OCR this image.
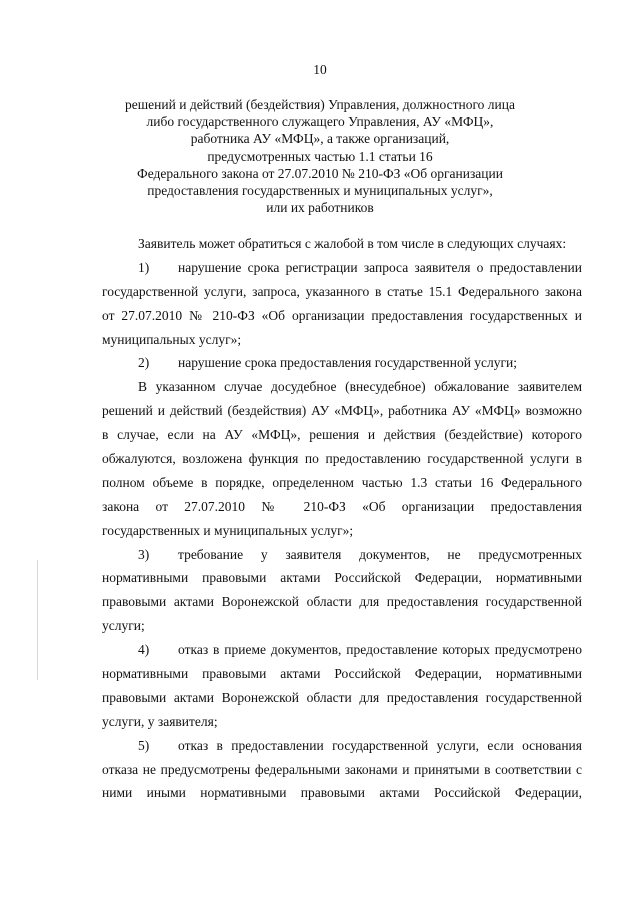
10
решений и действий (бездействия) Управления, должностного лица
либо государственного служащего Управления, АУ «МФЦ»,
работника АУ «МФЦ», а также организаций,
предусмотренных частью 1.1 статьи 16
Федерального закона от 27.07.2010 № 210-ФЗ «Об организации
предоставления государственных и муниципальных услуг»,
или их работников
Заявитель может обратиться с жалобой в том числе в следующих случаях:
1) нарушение срока регистрации запроса заявителя о предоставлении
государственной услуги, запроса, указанного в статье 15.1 Федерального закона
от 27.07.2010 № 210-ФЗ «Об организации предоставления государственных и
муниципальных услуг»;
2) нарушение срока предоставления государственной услуги;
В указанном случае досудебное (внесудебное) обжалование заявителем
решений и действий (бездействия) АУ «МФЦ», работника АУ «МФЦ» возможно
в случае, если на АУ «МФЦ», решения и действия (бездействие) которого
обжалуются, возложена функция по предоставлению государственной услуги в
полном объеме в порядке, определенном частью 1.3 статьи 16 Федерального
закона от 27.07.2010 № 210-ФЗ «Об организации предоставления
государственных и муниципальных услуг»;
3) требование у заявителя документов, не предусмотренных
нормативными правовыми актами Российской Федерации, нормативными
правовыми актами Воронежской области для предоставления государственной
услуги;
4) отказ в приеме документов, предоставление которых предусмотрено
нормативными правовыми актами Российской Федерации, нормативными
правовыми актами Воронежской области для предоставления государственной
услуги, у заявителя;
5) отказ в предоставлении государственной услуги, если основания
отказа не предусмотрены федеральными законами и принятыми в соответствии с
ними иными нормативными правовыми актами Российской Федерации,
